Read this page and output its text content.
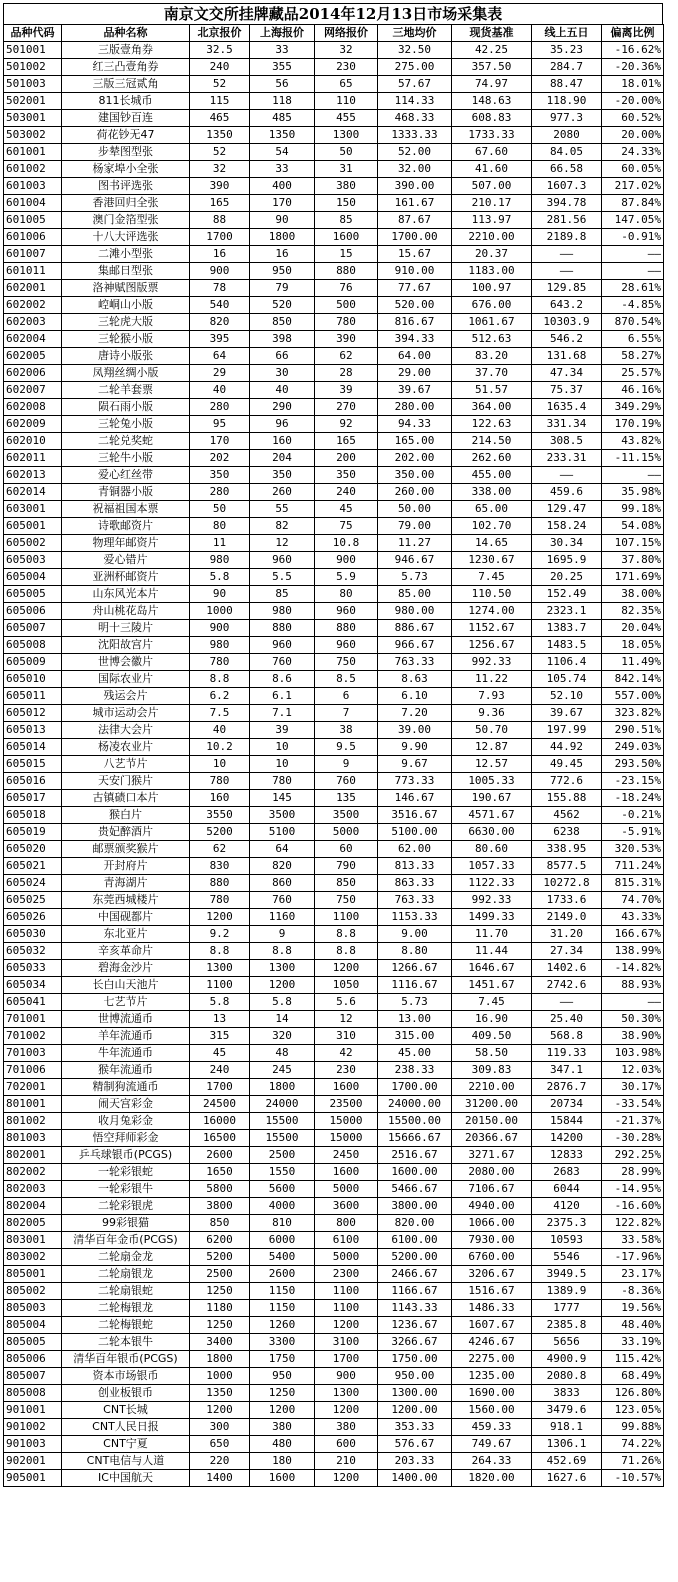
南京文交所挂牌藏品2014年12月13日市场采集表
品种代码	品种名称	北京报价	上海报价	网络报价	三地均价	现货基准	线上五日	偏离比例
501001	三版壹角券	32.5	33	32	32.50	42.25	35.23	-16.62%
501002	红三凸壹角券	240	355	230	275.00	357.50	284.7	-20.36%
501003	三版三冠贰角	52	56	65	57.67	74.97	88.47	18.01%
502001	811长城币	115	118	110	114.33	148.63	118.90	-20.00%
503001	建国钞百连	465	485	455	468.33	608.83	977.3	60.52%
503002	荷花钞无47	1350	1350	1300	1333.33	1733.33	2080	20.00%
601001	步辇图型张	52	54	50	52.00	67.60	84.05	24.33%
601002	杨家埠小全张	32	33	31	32.00	41.60	66.58	60.05%
601003	图书评选张	390	400	380	390.00	507.00	1607.3	217.02%
601004	香港回归全张	165	170	150	161.67	210.17	394.78	87.84%
601005	澳门金箔型张	88	90	85	87.67	113.97	281.56	147.05%
601006	十八大评选张	1700	1800	1600	1700.00	2210.00	2189.8	-0.91%
601007	二滩小型张	16	16	15	15.67	20.37	——	——
601011	集邮日型张	900	950	880	910.00	1183.00	——	——
602001	洛神赋图版票	78	79	76	77.67	100.97	129.85	28.61%
602002	崆峒山小版	540	520	500	520.00	676.00	643.2	-4.85%
602003	三轮虎大版	820	850	780	816.67	1061.67	10303.9	870.54%
602004	三轮猴小版	395	398	390	394.33	512.63	546.2	6.55%
602005	唐诗小版张	64	66	62	64.00	83.20	131.68	58.27%
602006	凤翔丝绸小版	29	30	28	29.00	37.70	47.34	25.57%
602007	二轮羊套票	40	40	39	39.67	51.57	75.37	46.16%
602008	陨石雨小版	280	290	270	280.00	364.00	1635.4	349.29%
602009	三轮兔小版	95	96	92	94.33	122.63	331.34	170.19%
602010	二轮兑奖蛇	170	160	165	165.00	214.50	308.5	43.82%
602011	三轮牛小版	202	204	200	202.00	262.60	233.31	-11.15%
602013	爱心红丝带	350	350	350	350.00	455.00	——	——
602014	青铜器小版	280	260	240	260.00	338.00	459.6	35.98%
603001	祝福祖国本票	50	55	45	50.00	65.00	129.47	99.18%
605001	诗歌邮资片	80	82	75	79.00	102.70	158.24	54.08%
605002	物理年邮资片	11	12	10.8	11.27	14.65	30.34	107.15%
605003	爱心错片	980	960	900	946.67	1230.67	1695.9	37.80%
605004	亚洲杯邮资片	5.8	5.5	5.9	5.73	7.45	20.25	171.69%
605005	山东风光本片	90	85	80	85.00	110.50	152.49	38.00%
605006	舟山桃花岛片	1000	980	960	980.00	1274.00	2323.1	82.35%
605007	明十三陵片	900	880	880	886.67	1152.67	1383.7	20.04%
605008	沈阳故宫片	980	960	960	966.67	1256.67	1483.5	18.05%
605009	世博会徽片	780	760	750	763.33	992.33	1106.4	11.49%
605010	国际农业片	8.8	8.6	8.5	8.63	11.22	105.74	842.14%
605011	残运会片	6.2	6.1	6	6.10	7.93	52.10	557.00%
605012	城市运动会片	7.5	7.1	7	7.20	9.36	39.67	323.82%
605013	法律大会片	40	39	38	39.00	50.70	197.99	290.51%
605014	杨凌农业片	10.2	10	9.5	9.90	12.87	44.92	249.03%
605015	八艺节片	10	10	9	9.67	12.57	49.45	293.50%
605016	天安门猴片	780	780	760	773.33	1005.33	772.6	-23.15%
605017	古镇碛口本片	160	145	135	146.67	190.67	155.88	-18.24%
605018	猴白片	3550	3500	3500	3516.67	4571.67	4562	-0.21%
605019	贵妃醉酒片	5200	5100	5000	5100.00	6630.00	6238	-5.91%
605020	邮票颁奖猴片	62	64	60	62.00	80.60	338.95	320.53%
605021	开封府片	830	820	790	813.33	1057.33	8577.5	711.24%
605024	青海湖片	880	860	850	863.33	1122.33	10272.8	815.31%
605025	东莞西城楼片	780	760	750	763.33	992.33	1733.6	74.70%
605026	中国砚都片	1200	1160	1100	1153.33	1499.33	2149.0	43.33%
605030	东北亚片	9.2	9	8.8	9.00	11.70	31.20	166.67%
605032	辛亥革命片	8.8	8.8	8.8	8.80	11.44	27.34	138.99%
605033	碧海金沙片	1300	1300	1200	1266.67	1646.67	1402.6	-14.82%
605034	长白山天池片	1100	1200	1050	1116.67	1451.67	2742.6	88.93%
605041	七艺节片	5.8	5.8	5.6	5.73	7.45	——	——
701001	世博流通币	13	14	12	13.00	16.90	25.40	50.30%
701002	羊年流通币	315	320	310	315.00	409.50	568.8	38.90%
701003	牛年流通币	45	48	42	45.00	58.50	119.33	103.98%
701006	猴年流通币	240	245	230	238.33	309.83	347.1	12.03%
702001	精制狗流通币	1700	1800	1600	1700.00	2210.00	2876.7	30.17%
801001	闹天宫彩金	24500	24000	23500	24000.00	31200.00	20734	-33.54%
801002	收月兔彩金	16000	15500	15000	15500.00	20150.00	15844	-21.37%
801003	悟空拜师彩金	16500	15500	15000	15666.67	20366.67	14200	-30.28%
802001	乒乓球银币(PCGS)	2600	2500	2450	2516.67	3271.67	12833	292.25%
802002	一轮彩银蛇	1650	1550	1600	1600.00	2080.00	2683	28.99%
802003	一轮彩银牛	5800	5600	5000	5466.67	7106.67	6044	-14.95%
802004	二轮彩银虎	3800	4000	3600	3800.00	4940.00	4120	-16.60%
802005	99彩银猫	850	810	800	820.00	1066.00	2375.3	122.82%
803001	清华百年金币(PCGS)	6200	6000	6100	6100.00	7930.00	10593	33.58%
803002	二轮扇金龙	5200	5400	5000	5200.00	6760.00	5546	-17.96%
805001	二轮扇银龙	2500	2600	2300	2466.67	3206.67	3949.5	23.17%
805002	二轮扇银蛇	1250	1150	1100	1166.67	1516.67	1389.9	-8.36%
805003	二轮梅银龙	1180	1150	1100	1143.33	1486.33	1777	19.56%
805004	二轮梅银蛇	1250	1260	1200	1236.67	1607.67	2385.8	48.40%
805005	二轮本银牛	3400	3300	3100	3266.67	4246.67	5656	33.19%
805006	清华百年银币(PCGS)	1800	1750	1700	1750.00	2275.00	4900.9	115.42%
805007	资本市场银币	1000	950	900	950.00	1235.00	2080.8	68.49%
805008	创业板银币	1350	1250	1300	1300.00	1690.00	3833	126.80%
901001	CNT长城	1200	1200	1200	1200.00	1560.00	3479.6	123.05%
901002	CNT人民日报	300	380	380	353.33	459.33	918.1	99.88%
901003	CNT宁夏	650	480	600	576.67	749.67	1306.1	74.22%
902001	CNT电信与人道	220	180	210	203.33	264.33	452.69	71.26%
905001	IC中国航天	1400	1600	1200	1400.00	1820.00	1627.6	-10.57%
